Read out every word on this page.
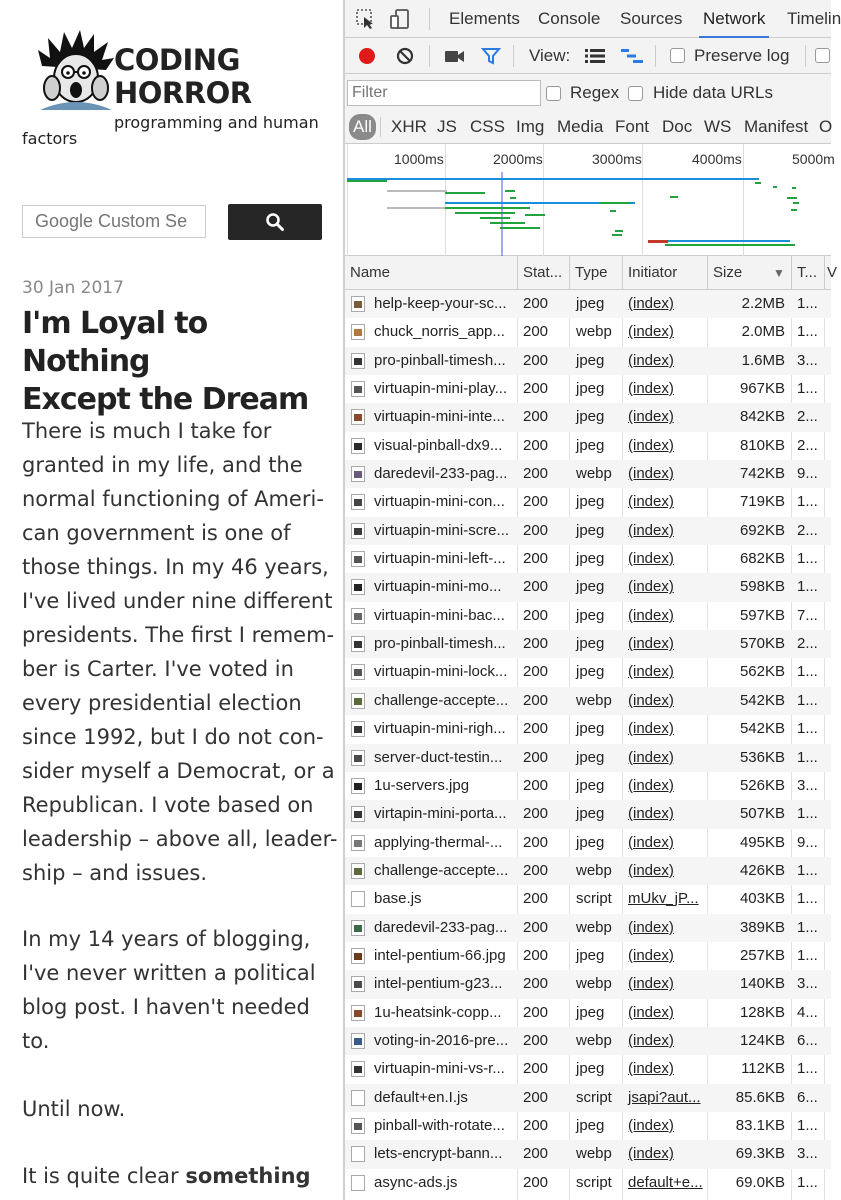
CODING
HORROR
programming and human
factors
Google Custom Se
30 Jan 2017
I'm Loyal to Nothing
Except the Dream
There is much I take for
granted in my life, and the
normal functioning of Ameri-
can government is one of
those things. In my 46 years,
I've lived under nine different
presidents. The first I remem-
ber is Carter. I've voted in
every presidential election
since 1992, but I do not con-
sider myself a Democrat, or a
Republican. I vote based on
leadership – above all, leader-
ship – and issues.
In my 14 years of blogging,
I've never written a political
blog post. I haven't needed
to.
Until now.
It is quite clear something
Elements Console Sources Network Timelin
View:	Preserve log
Filter
Regex Hide data URLs
All XHR JS CSS Img Media Font Doc WS Manifest O
1000ms	2000ms	3000ms	4000ms	5000m
Name	Stat... Type	Initiator	Size	▼ T... V
help-keep-your-sc...	200	jpeg	(index)	2.2MB 1...
chuck_norris_app...	200	webp	(index)	2.0MB 1...
pro-pinball-timesh...	200	jpeg	(index)	1.6MB 3...
virtuapin-mini-play...	200	jpeg	(index)	967KB 1...
virtuapin-mini-inte...	200	jpeg	(index)	842KB 2...
visual-pinball-dx9...	200	jpeg	(index)	810KB 2...
daredevil-233-pag...	200	webp	(index)	742KB 9...
virtuapin-mini-con...	200	jpeg	(index)	719KB 1...
virtuapin-mini-scre... 200	jpeg	(index)	692KB 2...
virtuapin-mini-left-...	200	jpeg	(index)	682KB 1...
virtuapin-mini-mo...	200	jpeg	(index)	598KB 1...
virtuapin-mini-bac...	200	jpeg	(index)	597KB 7...
pro-pinball-timesh...	200	jpeg	(index)	570KB 2...
virtuapin-mini-lock...	200	jpeg	(index)	562KB 1...
challenge-accepte... 200	webp	(index)	542KB 1...
virtuapin-mini-righ...	200	jpeg	(index)	542KB 1...
server-duct-testin...	200	jpeg	(index)	536KB 1...
1u-servers.jpg	200	jpeg	(index)	526KB 3...
virtapin-mini-porta...	200	jpeg	(index)	507KB 1...
applying-thermal-...	200	jpeg	(index)	495KB 9...
challenge-accepte... 200	webp	(index)	426KB 1...
base.js	200	script	mUkv_jP...	403KB 1...
daredevil-233-pag...	200	webp	(index)	389KB 1...
intel-pentium-66.jpg	200	jpeg	(index)	257KB 1...
intel-pentium-g23...	200	webp	(index)	140KB 3...
1u-heatsink-copp...	200	jpeg	(index)	128KB 4...
voting-in-2016-pre... 200	webp	(index)	124KB 6...
virtuapin-mini-vs-r...	200	jpeg	(index)	112KB 1...
default+en.I.js	200	script	jsapi?aut...	85.6KB 6...
pinball-with-rotate...	200	jpeg	(index)	83.1KB 1...
lets-encrypt-bann...	200	webp	(index)	69.3KB 3...
async-ads.js	200	script	default+e...	69.0KB 1...
